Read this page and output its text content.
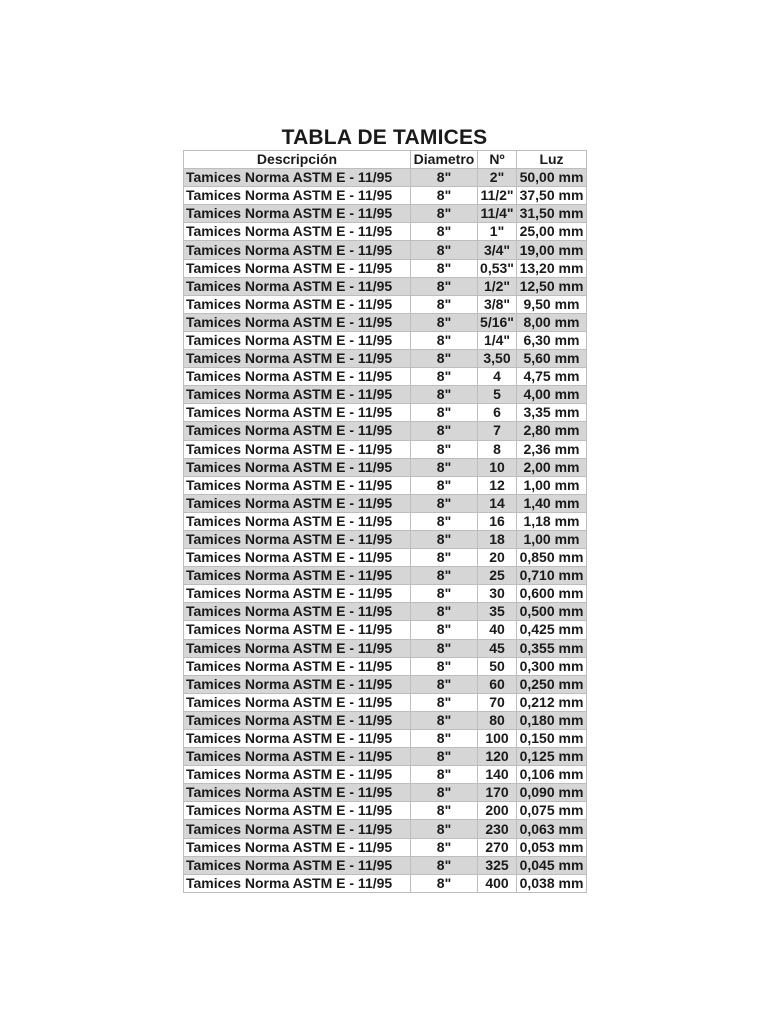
TABLA DE TAMICES
Descripción	Diametro	Nº	Luz
Tamices Norma ASTM E - 11/95	8"	2"	50,00 mm
Tamices Norma ASTM E - 11/95	8"	11/2"	37,50 mm
Tamices Norma ASTM E - 11/95	8"	11/4"	31,50 mm
Tamices Norma ASTM E - 11/95	8"	1"	25,00 mm
Tamices Norma ASTM E - 11/95	8"	3/4"	19,00 mm
Tamices Norma ASTM E - 11/95	8"	0,53"	13,20 mm
Tamices Norma ASTM E - 11/95	8"	1/2"	12,50 mm
Tamices Norma ASTM E - 11/95	8"	3/8"	9,50 mm
Tamices Norma ASTM E - 11/95	8"	5/16"	8,00 mm
Tamices Norma ASTM E - 11/95	8"	1/4"	6,30 mm
Tamices Norma ASTM E - 11/95	8"	3,50	5,60 mm
Tamices Norma ASTM E - 11/95	8"	4	4,75 mm
Tamices Norma ASTM E - 11/95	8"	5	4,00 mm
Tamices Norma ASTM E - 11/95	8"	6	3,35 mm
Tamices Norma ASTM E - 11/95	8"	7	2,80 mm
Tamices Norma ASTM E - 11/95	8"	8	2,36 mm
Tamices Norma ASTM E - 11/95	8"	10	2,00 mm
Tamices Norma ASTM E - 11/95	8"	12	1,00 mm
Tamices Norma ASTM E - 11/95	8"	14	1,40 mm
Tamices Norma ASTM E - 11/95	8"	16	1,18 mm
Tamices Norma ASTM E - 11/95	8"	18	1,00 mm
Tamices Norma ASTM E - 11/95	8"	20	0,850 mm
Tamices Norma ASTM E - 11/95	8"	25	0,710 mm
Tamices Norma ASTM E - 11/95	8"	30	0,600 mm
Tamices Norma ASTM E - 11/95	8"	35	0,500 mm
Tamices Norma ASTM E - 11/95	8"	40	0,425 mm
Tamices Norma ASTM E - 11/95	8"	45	0,355 mm
Tamices Norma ASTM E - 11/95	8"	50	0,300 mm
Tamices Norma ASTM E - 11/95	8"	60	0,250 mm
Tamices Norma ASTM E - 11/95	8"	70	0,212 mm
Tamices Norma ASTM E - 11/95	8"	80	0,180 mm
Tamices Norma ASTM E - 11/95	8"	100	0,150 mm
Tamices Norma ASTM E - 11/95	8"	120	0,125 mm
Tamices Norma ASTM E - 11/95	8"	140	0,106 mm
Tamices Norma ASTM E - 11/95	8"	170	0,090 mm
Tamices Norma ASTM E - 11/95	8"	200	0,075 mm
Tamices Norma ASTM E - 11/95	8"	230	0,063 mm
Tamices Norma ASTM E - 11/95	8"	270	0,053 mm
Tamices Norma ASTM E - 11/95	8"	325	0,045 mm
Tamices Norma ASTM E - 11/95	8"	400	0,038 mm
